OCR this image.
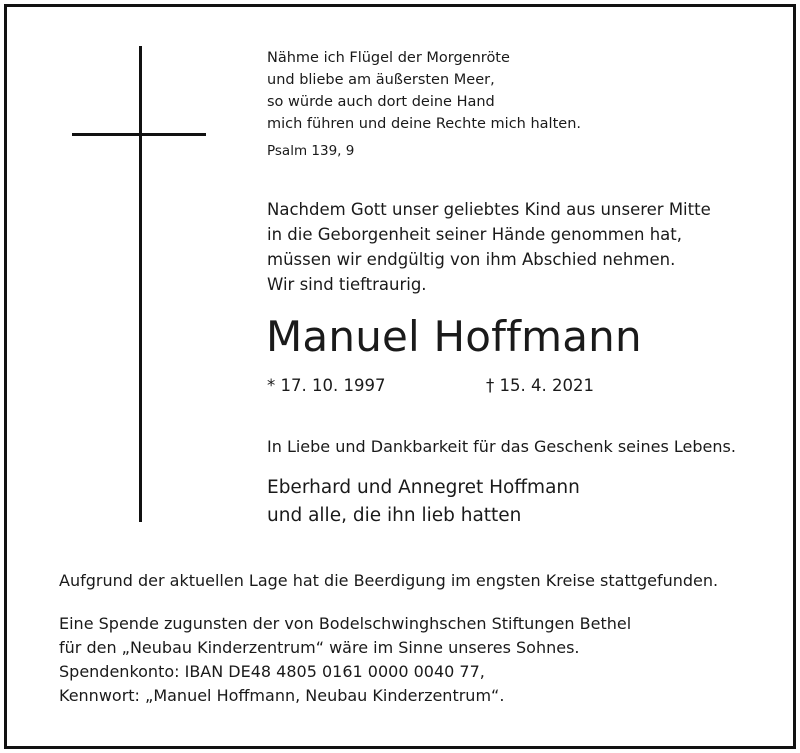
Nähme ich Flügel der Morgenröte
und bliebe am äußersten Meer,
so würde auch dort deine Hand
mich führen und deine Rechte mich halten.
Psalm 139, 9
Nachdem Gott unser geliebtes Kind aus unserer Mitte
in die Geborgenheit seiner Hände genommen hat,
müssen wir endgültig von ihm Abschied nehmen.
Wir sind tieftraurig.
Manuel Hoffmann
* 17. 10. 1997	† 15. 4. 2021
In Liebe und Dankbarkeit für das Geschenk seines Lebens.
Eberhard und Annegret Hoffmann
und alle, die ihn lieb hatten
Aufgrund der aktuellen Lage hat die Beerdigung im engsten Kreise stattgefunden.
Eine Spende zugunsten der von Bodelschwinghschen Stiftungen Bethel
für den „Neubau Kinderzentrum“ wäre im Sinne unseres Sohnes.
Spendenkonto: IBAN DE48 4805 0161 0000 0040 77,
Kennwort: „Manuel Hoffmann, Neubau Kinderzentrum“.
